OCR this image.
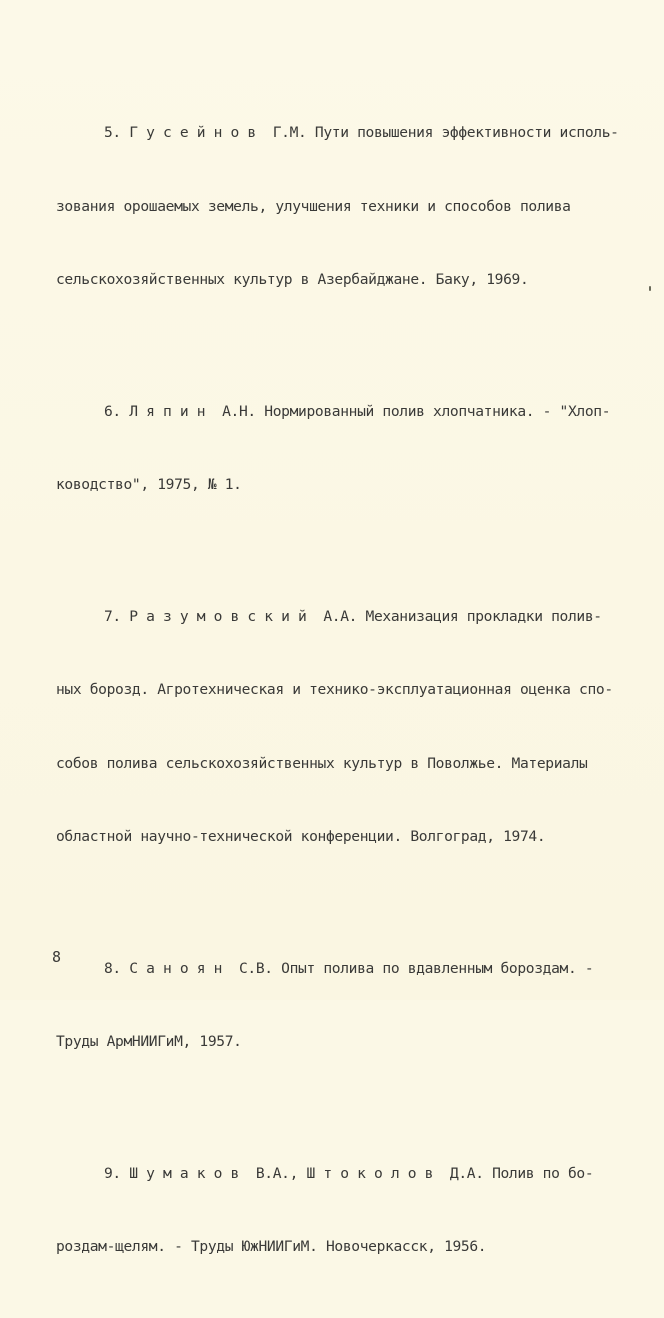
5. Г у с е й н о в  Г.М. Пути повышения эффективности исполь-

зования орошаемых земель, улучшения техники и способов полива

сельскохозяйственных культур в Азербайджане. Баку, 1969.

6. Л я п и н  А.Н. Нормированный полив хлопчатника. - "Хлоп-

ководство", 1975, № 1.

7. Р а з у м о в с к и й  А.А. Механизация прокладки полив-

ных борозд. Агротехническая и технико-эксплуатационная оценка спо-

собов полива сельскохозяйственных культур в Поволжье. Материалы

областной научно-технической конференции. Волгоград, 1974.

8. С а н о я н  С.В. Опыт полива по вдавленным бороздам. -

Труды АрмНИИГиМ, 1957.

9. Ш у м а к о в  В.А., Ш т о к о л о в  Д.А. Полив по бо-

роздам-щелям. - Труды ЮжНИИГиМ. Новочеркасск, 1956.

8
